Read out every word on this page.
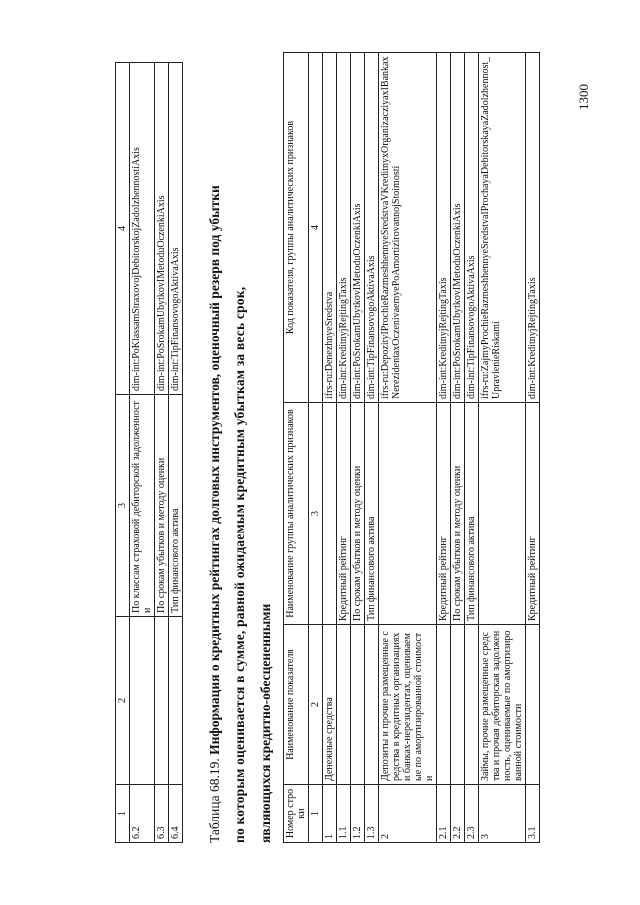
1	2	3	4
6.2		По классам страховой дебиторской задолженности	dim-int:PoKlassamStraxovojDebitorskojZadolzhennostiAxis
6.3		По срокам убытков и методу оценки	dim-int:PoSrokamUbytkovIMetoduOczenkiAxis
6.4		Тип финансового актива	dim-int:TipFinansovogoAktivaAxis
Таблица 68.19. Информация о кредитных рейтингах долговых инструментов, оценочный резерв под убытки по которым оценивается в сумме, равной ожидаемым кредитным убыткам за весь срок, являющихся кредитно-обесцененными Номер строки	Наименование показателя	Наименование группы аналитических признаков	Код показателя, группы аналитических признаков
1	2	3	4
1	Денежные средства		ifrs-ru:DenezhnyeSredstva
1.1		Кредитный рейтинг	dim-int:KreditnyjRejtingTaxis
1.2		По срокам убытков и методу оценки	dim-int:PoSrokamUbytkovIMetoduOczenkiAxis
1.3		Тип финансового актива	dim-int:TipFinansovogoAktivaAxis
2	Депозиты и прочие размещенные средства в кредитных организациях и банках-нерезидентах, оцениваемые по амортизированной стоимости		ifrs-ru:DepozityIProchieRazmeshhennyeSredstvaVKreditnyxOrganizacziyaxIBankaxNerezidentaxOczenivaemyePoAmortizirovannojStoimosti
2.1		Кредитный рейтинг	dim-int:KreditnyjRejtingTaxis
2.2		По срокам убытков и методу оценки	dim-int:PoSrokamUbytkovIMetoduOczenkiAxis
2.3		Тип финансового актива	dim-int:TipFinansovogoAktivaAxis
3	Займы, прочие размещенные средства и прочая дебиторская задолженность, оцениваемые по амортизированной стоимости		ifrs-ru:ZajmyProchieRazmeshhennyeSredstvaIProchayaDebitorskayaZadolzhennost_UpravlenieRiskami
3.1		Кредитный рейтинг	dim-int:KreditnyjRejtingTaxis
1300
